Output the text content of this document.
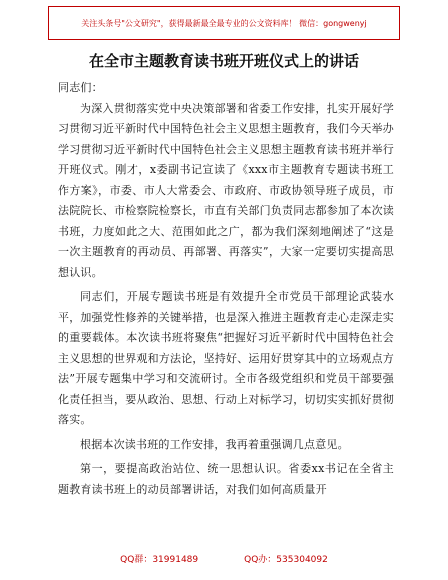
关注头条号"公文研究"，获得最新最全最专业的公文资料库！ 微信：gongwenyj
在全市主题教育读书班开班仪式上的讲话

同志们：

为深入贯彻落实党中央决策部署和省委工作安排，扎实开展好学习贯彻习近平新时代中国特色社会主义思想主题教育，我们今天举办学习贯彻习近平新时代中国特色社会主义思想主题教育读书班并举行开班仪式。刚才，x委副书记宣读了《xxx市主题教育专题读书班工作方案》，市委、市人大常委会、市政府、市政协领导班子成员，市法院院长、市检察院检察长，市直有关部门负责同志都参加了本次读书班，力度如此之大、范围如此之广，都为我们深刻地阐述了“这是一次主题教育的再动员、再部署、再落实”，大家一定要切实提高思想认识。

同志们，开展专题读书班是有效提升全市党员干部理论武装水平，加强党性修养的关键举措，也是深入推进主题教育走心走深走实的重要载体。本次读书班将聚焦“把握好习近平新时代中国特色社会主义思想的世界观和方法论，坚持好、运用好贯穿其中的立场观点方法”开展专题集中学习和交流研讨。全市各级党组织和党员干部要强化责任担当，要从政治、思想、行动上对标学习，切切实实抓好贯彻落实。

根据本次读书班的工作安排，我再着重强调几点意见。

第一，要提高政治站位、统一思想认识。省委xx书记在全省主题教育读书班上的动员部署讲话，对我们如何高质量开

QQ群：31991489	QQ办：535304092
